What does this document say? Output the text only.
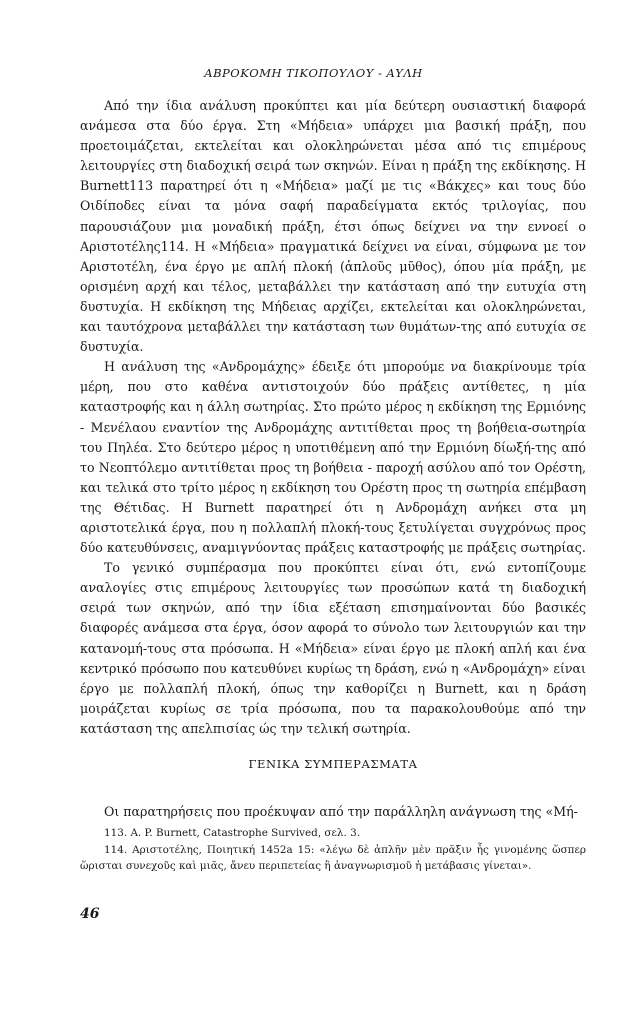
ΑΒΡΟΚΟΜΗ ΤΙΚΟΠΟΥΛΟΥ - ΑΥΛΗ

Από την ίδια ανάλυση προκύπτει και μία δεύτερη ουσιαστική διαφορά ανάμεσα στα δύο έργα. Στη «Μήδεια» υπάρχει μια βασική πράξη, που προετοιμάζεται, εκτελείται και ολοκληρώνεται μέσα από τις επιμέρους λειτουργίες στη διαδοχική σειρά των σκηνών. Είναι η πράξη της εκδίκησης. Η Burnett113 παρατηρεί ότι η «Μήδεια» μαζί με τις «Βάκχες» και τους δύο Οιδίποδες είναι τα μόνα σαφή παραδείγματα εκτός τριλογίας, που παρουσιάζουν μια μοναδική πράξη, έτσι όπως δείχνει να την εννοεί ο Αριστοτέλης114. Η «Μήδεια» πραγματικά δείχνει να είναι, σύμφωνα με τον Αριστοτέλη, ένα έργο με απλή πλοκή (ἁπλοῦς μῦθος), όπου μία πράξη, με ορισμένη αρχή και τέλος, μεταβάλλει την κατάσταση από την ευτυχία στη δυστυχία. Η εκδίκηση της Μήδειας αρχίζει, εκτελείται και ολοκληρώνεται, και ταυτόχρονα μεταβάλλει την κατάσταση των θυμάτων-της από ευτυχία σε δυστυχία.

Η ανάλυση της «Ανδρομάχης» έδειξε ότι μπορούμε να διακρίνουμε τρία μέρη, που στο καθένα αντιστοιχούν δύο πράξεις αντίθετες, η μία καταστροφής και η άλλη σωτηρίας. Στο πρώτο μέρος η εκδίκηση της Ερμιόνης - Μενέλαου εναντίον της Ανδρομάχης αντιτίθεται προς τη βοήθεια-σωτηρία του Πηλέα. Στο δεύτερο μέρος η υποτιθέμενη από την Ερμιόνη δίωξή-της από το Νεοπτόλεμο αντιτίθεται προς τη βοήθεια - παροχή ασύλου από τον Ορέστη, και τελικά στο τρίτο μέρος η εκδίκηση του Ορέστη προς τη σωτηρία επέμβαση της Θέτιδας. Η Burnett παρατηρεί ότι η Ανδρομάχη ανήκει στα μη αριστοτελικά έργα, που η πολλαπλή πλοκή-τους ξετυλίγεται συγχρόνως προς δύο κατευθύνσεις, αναμιγνύοντας πράξεις καταστροφής με πράξεις σωτηρίας.

Το γενικό συμπέρασμα που προκύπτει είναι ότι, ενώ εντοπίζουμε αναλογίες στις επιμέρους λειτουργίες των προσώπων κατά τη διαδοχική σειρά των σκηνών, από την ίδια εξέταση επισημαίνονται δύο βασικές διαφορές ανάμεσα στα έργα, όσον αφορά το σύνολο των λειτουργιών και την κατανομή-τους στα πρόσωπα. Η «Μήδεια» είναι έργο με πλοκή απλή και ένα κεντρικό πρόσωπο που κατευθύνει κυρίως τη δράση, ενώ η «Ανδρομάχη» είναι έργο με πολλαπλή πλοκή, όπως την καθορίζει η Burnett, και η δράση μοιράζεται κυρίως σε τρία πρόσωπα, που τα παρακολουθούμε από την κατάσταση της απελπισίας ώς την τελική σωτηρία.

ΓΕΝΙΚΑ ΣΥΜΠΕΡΑΣΜΑΤΑ

Οι παρατηρήσεις που προέκυψαν από την παράλληλη ανάγνωση της «Μή-

113. A. P. Burnett, Catastrophe Survived, σελ. 3.

114. Αριστοτέλης, Ποιητική 1452a 15: «λέγω δὲ ἁπλῆν μὲν πρᾶξιν ἧς γινομένης ὥσπερ ὥρισται συνεχοῦς καὶ μιᾶς, ἄνευ περιπετείας ἢ ἀναγνωρισμοῦ ἡ μετάβασις γίνεται».

46
